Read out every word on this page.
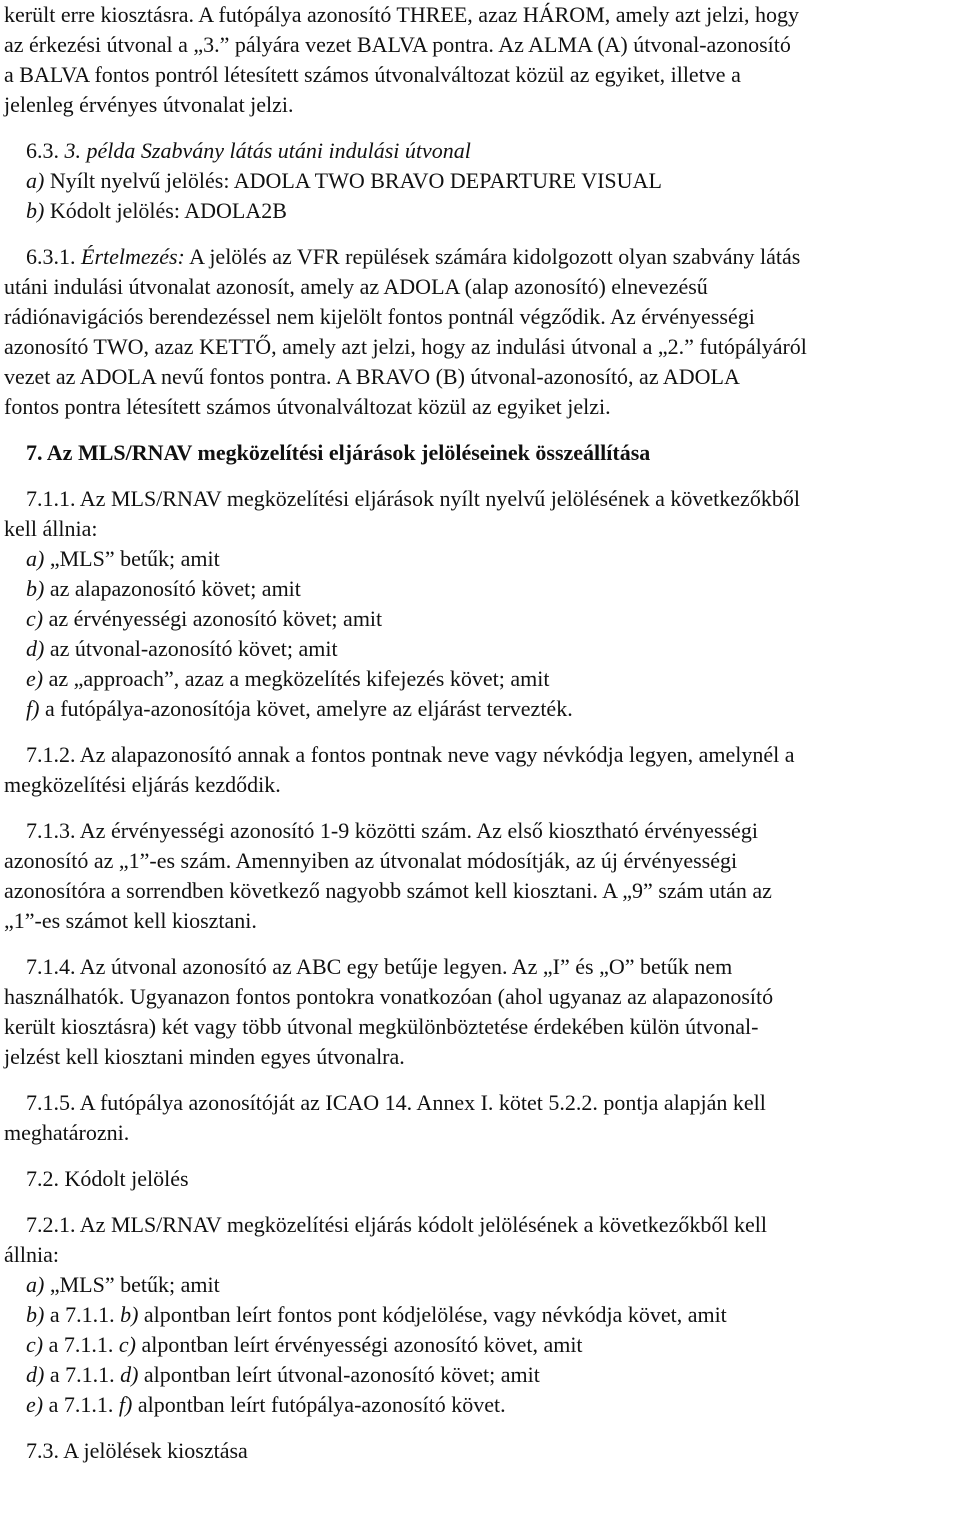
került erre kiosztásra. A futópálya azonosító THREE, azaz HÁROM, amely azt jelzi, hogy

az érkezési útvonal a „3.” pályára vezet BALVA pontra. Az ALMA (A) útvonal-azonosító

a BALVA fontos pontról létesített számos útvonalváltozat közül az egyiket, illetve a

jelenleg érvényes útvonalat jelzi.

6.3. 3. példa Szabvány látás utáni indulási útvonal

a) Nyílt nyelvű jelölés: ADOLA TWO BRAVO DEPARTURE VISUAL

b) Kódolt jelölés: ADOLA2B

6.3.1. Értelmezés: A jelölés az VFR repülések számára kidolgozott olyan szabvány látás

utáni indulási útvonalat azonosít, amely az ADOLA (alap azonosító) elnevezésű

rádiónavigációs berendezéssel nem kijelölt fontos pontnál végződik. Az érvényességi

azonosító TWO, azaz KETTŐ, amely azt jelzi, hogy az indulási útvonal a „2.” futópályáról

vezet az ADOLA nevű fontos pontra. A BRAVO (B) útvonal-azonosító, az ADOLA

fontos pontra létesített számos útvonalváltozat közül az egyiket jelzi.

7. Az MLS/RNAV megközelítési eljárások jelöléseinek összeállítása

7.1.1. Az MLS/RNAV megközelítési eljárások nyílt nyelvű jelölésének a következőkből

kell állnia:

a) „MLS” betűk; amit

b) az alapazonosító követ; amit

c) az érvényességi azonosító követ; amit

d) az útvonal-azonosító követ; amit

e) az „approach”, azaz a megközelítés kifejezés követ; amit

f) a futópálya-azonosítója követ, amelyre az eljárást tervezték.

7.1.2. Az alapazonosító annak a fontos pontnak neve vagy névkódja legyen, amelynél a

megközelítési eljárás kezdődik.

7.1.3. Az érvényességi azonosító 1-9 közötti szám. Az első kiosztható érvényességi

azonosító az „1”-es szám. Amennyiben az útvonalat módosítják, az új érvényességi

azonosítóra a sorrendben következő nagyobb számot kell kiosztani. A „9” szám után az

„1”-es számot kell kiosztani.

7.1.4. Az útvonal azonosító az ABC egy betűje legyen. Az „I” és „O” betűk nem

használhatók. Ugyanazon fontos pontokra vonatkozóan (ahol ugyanaz az alapazonosító

került kiosztásra) két vagy több útvonal megkülönböztetése érdekében külön útvonal-

jelzést kell kiosztani minden egyes útvonalra.

7.1.5. A futópálya azonosítóját az ICAO 14. Annex I. kötet 5.2.2. pontja alapján kell

meghatározni.

7.2. Kódolt jelölés

7.2.1. Az MLS/RNAV megközelítési eljárás kódolt jelölésének a következőkből kell

állnia:

a) „MLS” betűk; amit

b) a 7.1.1. b) alpontban leírt fontos pont kódjelölése, vagy névkódja követ, amit

c) a 7.1.1. c) alpontban leírt érvényességi azonosító követ, amit

d) a 7.1.1. d) alpontban leírt útvonal-azonosító követ; amit

e) a 7.1.1. f) alpontban leírt futópálya-azonosító követ.

7.3. A jelölések kiosztása
